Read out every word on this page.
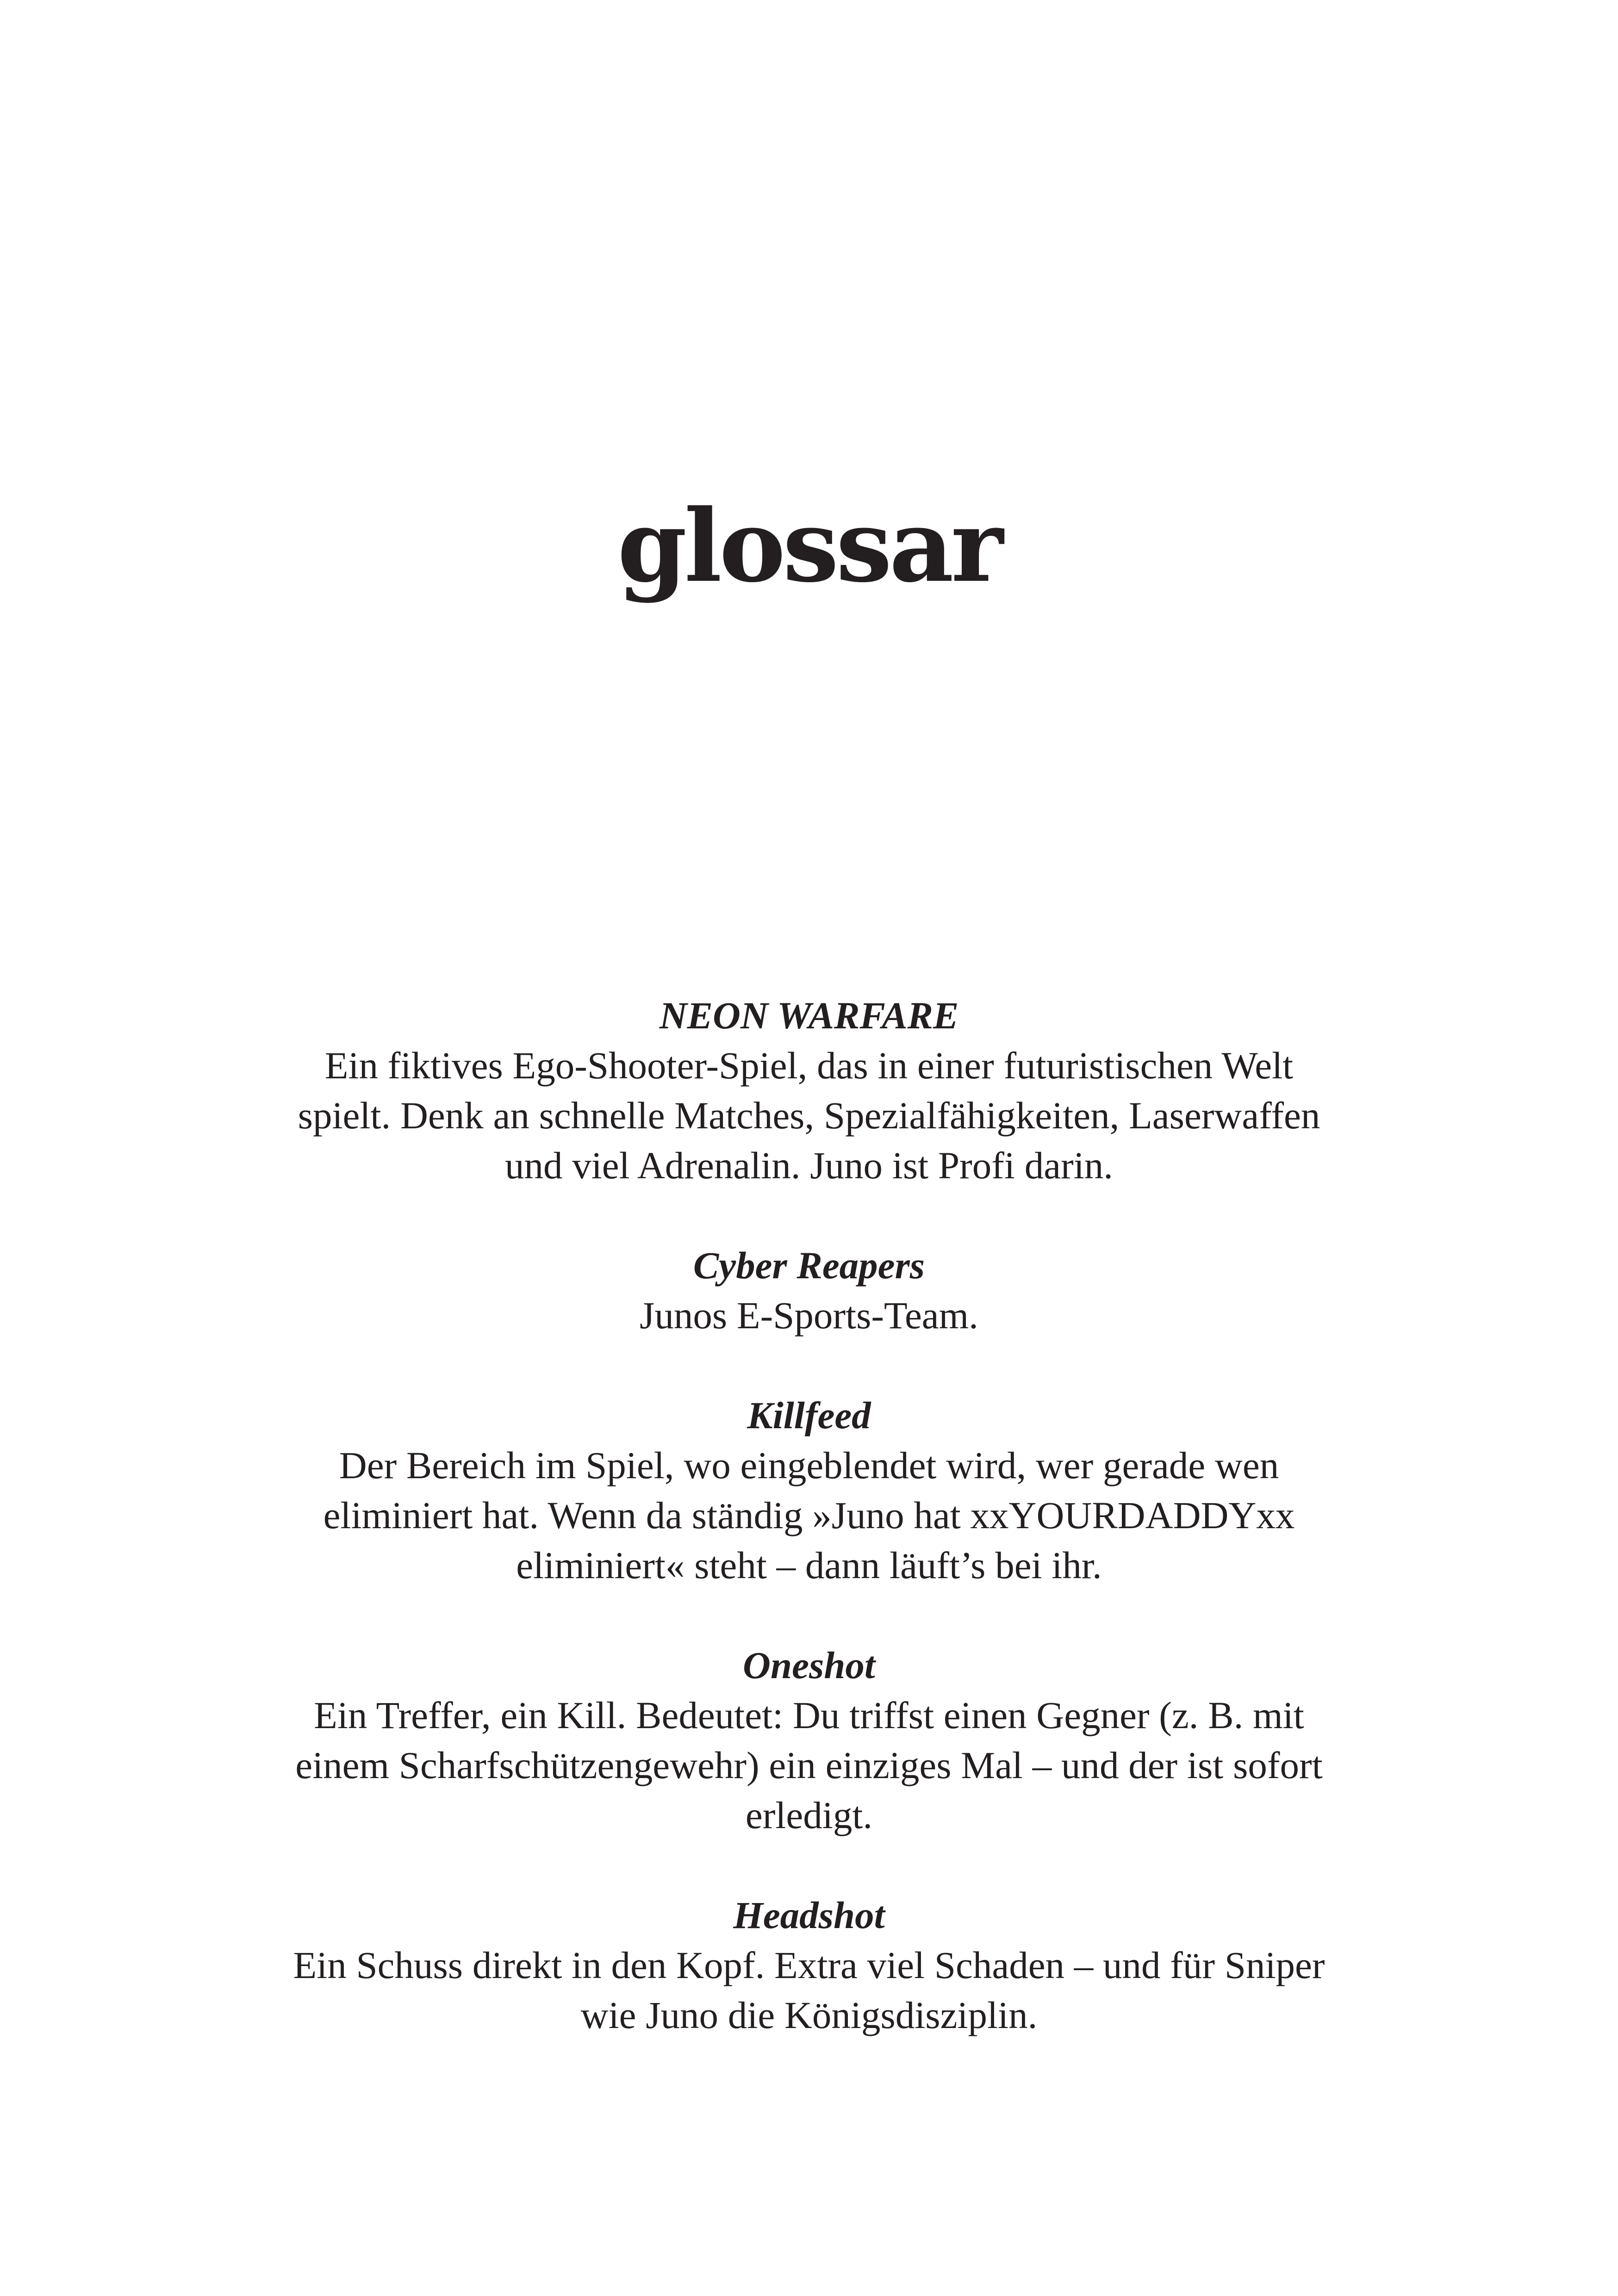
glossar
NEON WARFARE
Ein fiktives Ego-Shooter-Spiel, das in einer futuristischen Welt spielt. Denk an schnelle Matches, Spezialfähigkeiten, Laserwaffen und viel Adrenalin. Juno ist Profi darin.
Cyber Reapers
Junos E-Sports-Team.
Killfeed
Der Bereich im Spiel, wo eingeblendet wird, wer gerade wen eliminiert hat. Wenn da ständig »Juno hat xxYOURDADDYxx eliminiert« steht – dann läuft’s bei ihr.
Oneshot
Ein Treffer, ein Kill. Bedeutet: Du triffst einen Gegner (z. B. mit einem Scharfschützengewehr) ein einziges Mal – und der ist sofort erledigt.
Headshot
Ein Schuss direkt in den Kopf. Extra viel Schaden – und für Sniper wie Juno die Königsdisziplin.
